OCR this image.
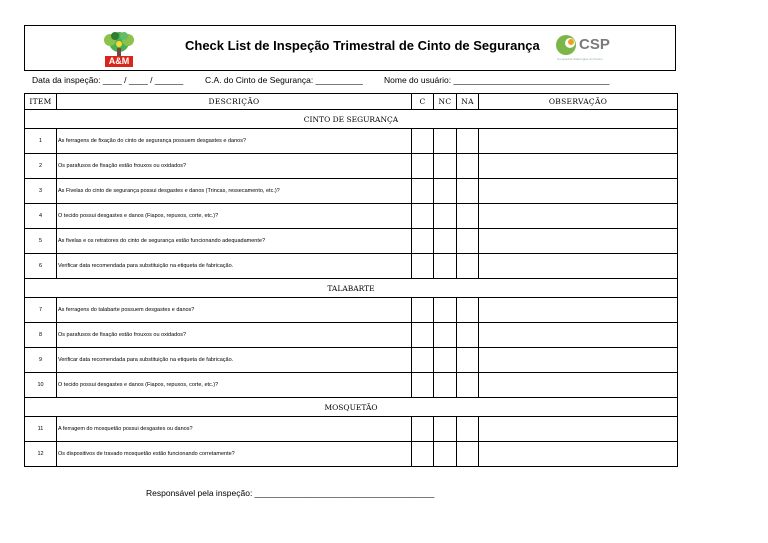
A&M
Check List de Inspeção Trimestral de Cinto de Segurança	CSP
Companhia Siderúrgica do Pecém
Data da inspeção: ____ / ____ / ______	C.A. do Cinto de Segurança: __________ Nome do usuário: _________________________________
ITEM	DESCRIÇÃO	C	NC	NA	OBSERVAÇÃO
CINTO DE SEGURANÇA					
1	As ferragens de fixação do cinto de segurança possuem desgastes e danos?				
2	Os parafusos de fixação estão frouxos ou oxidados?				
3	As Fivelas do cinto de segurança possui desgastes e danos (Trincas, ressecamento, etc.)?				
4	O tecido possui desgastes e danos (Fiapos, repuxos, corte, etc.)?				
5	As fivelas e os retratores do cinto de segurança estão funcionando adequadamente?				
6	Verificar data recomendada para substituição na etiqueta de fabricação.				
TALABARTE					
7	As ferragens do talabarte possuem desgastes e danos?				
8	Os parafusos de fixação estão frouxos ou oxidados?				
9	Verificar data recomendada para substituição na etiqueta de fabricação.				
10	O tecido possui desgastes e danos (Fiapos, repuxos, corte, etc.)?				
MOSQUETÃO					
11	A ferragem do mosquetão possui desgastes ou danos?				
12	Os dispositivos de travado mosquetão estão funcionando corretamente?				
Responsável pela inspeção: ______________________________________
